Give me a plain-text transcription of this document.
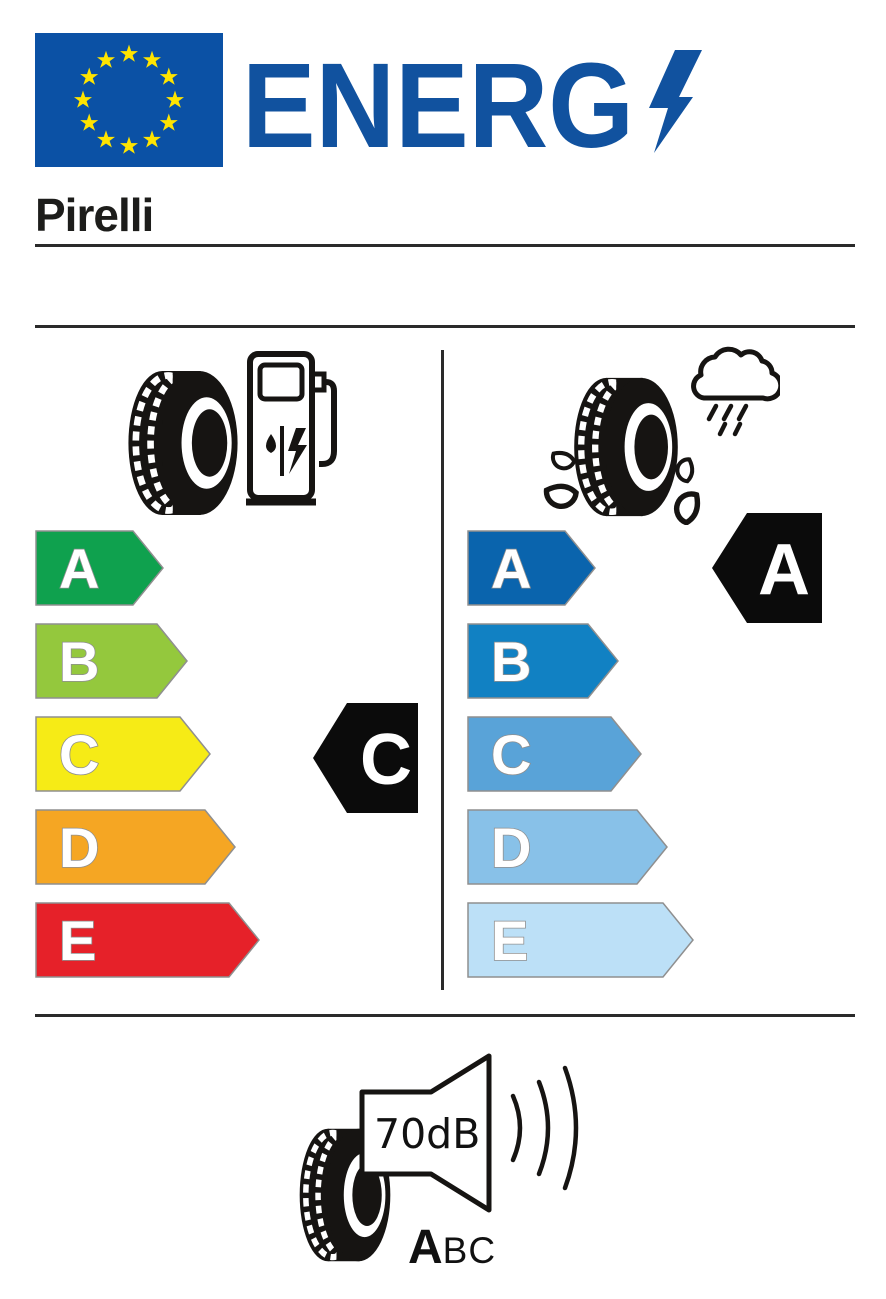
ENERG
Pirelli
A
B
C
D
E
C
A
B
C
D
E
A
70dB
A BC
